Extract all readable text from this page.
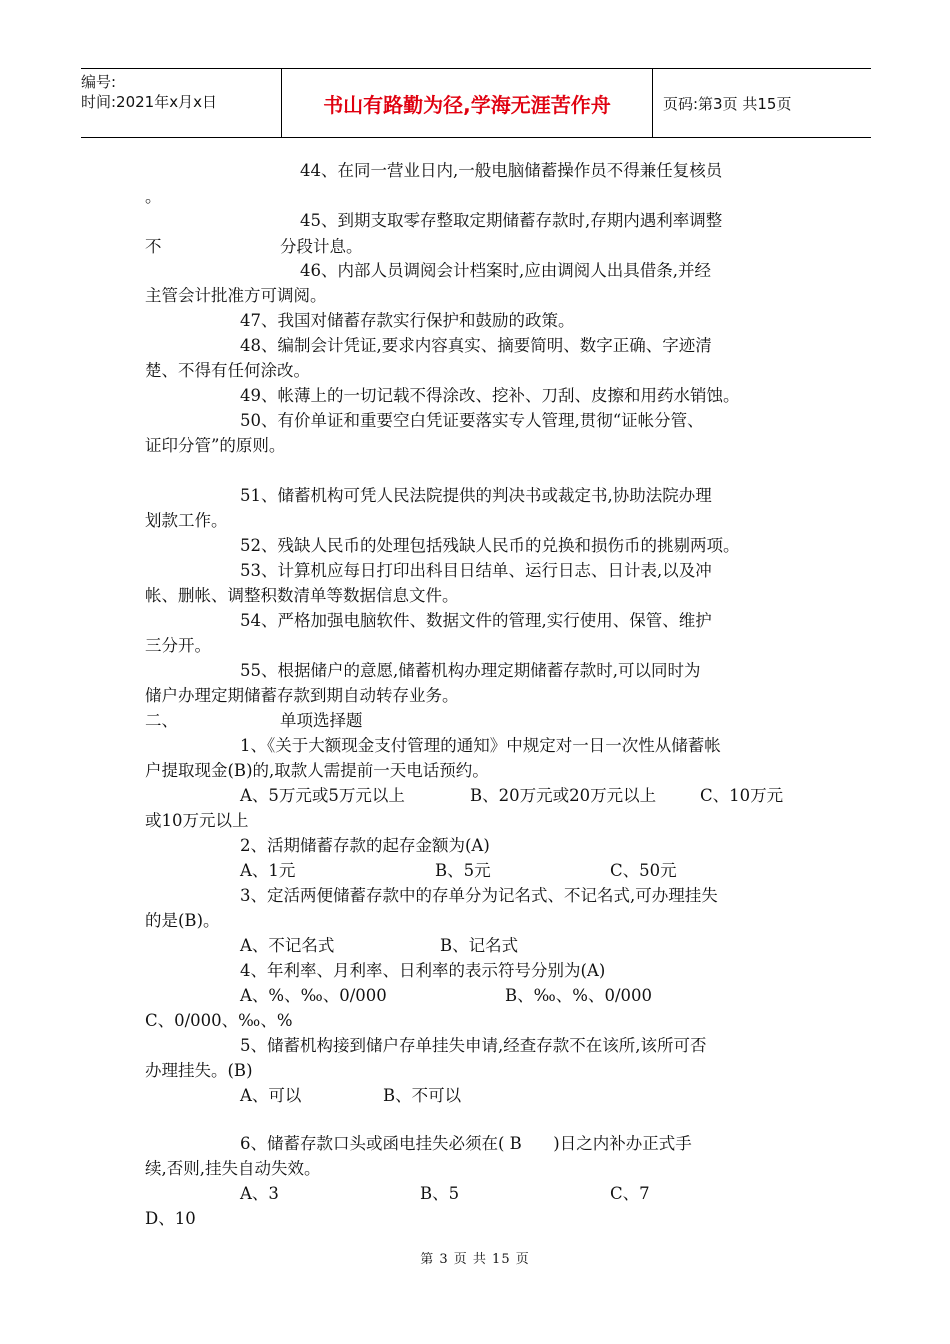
编号:
时间:2021年x月x日	书山有路勤为径,学海无涯苦作舟	页码:第3页 共15页
44、在同一营业日内,一般电脑储蓄操作员不得兼任复核员
。
45、到期支取零存整取定期储蓄存款时,存期内遇利率调整
不	分段计息。
46、内部人员调阅会计档案时,应由调阅人出具借条,并经
主管会计批准方可调阅。
47、我国对储蓄存款实行保护和鼓励的政策。
48、编制会计凭证,要求内容真实、摘要简明、数字正确、字迹清
楚、不得有任何涂改。
49、帐薄上的一切记载不得涂改、挖补、刀刮、皮擦和用药水销蚀。
50、有价单证和重要空白凭证要落实专人管理,贯彻“证帐分管、
证印分管”的原则。
51、储蓄机构可凭人民法院提供的判决书或裁定书,协助法院办理
划款工作。
52、残缺人民币的处理包括残缺人民币的兑换和损伤币的挑剔两项。
53、计算机应每日打印出科目日结单、运行日志、日计表,以及冲
帐、删帐、调整积数清单等数据信息文件。
54、严格加强电脑软件、数据文件的管理,实行使用、保管、维护
三分开。
55、根据储户的意愿,储蓄机构办理定期储蓄存款时,可以同时为
储户办理定期储蓄存款到期自动转存业务。
二、	单项选择题
1、《关于大额现金支付管理的通知》中规定对一日一次性从储蓄帐
户提取现金(B)的,取款人需提前一天电话预约。
A、5万元或5万元以上	B、20万元或20万元以上	C、10万元
或10万元以上
2、活期储蓄存款的起存金额为(A)
A、1元	B、5元	C、50元
3、定活两便储蓄存款中的存单分为记名式、不记名式,可办理挂失
的是(B)。
A、不记名式	B、记名式
4、年利率、月利率、日利率的表示符号分别为(A)
A、%、‰、0/000	B、‰、%、0/000
C、0/000、‰、%
5、储蓄机构接到储户存单挂失申请,经查存款不在该所,该所可否
办理挂失。(B)
A、可以	B、不可以
6、储蓄存款口头或函电挂失必须在( B      )日之内补办正式手
续,否则,挂失自动失效。
A、3	B、5	C、7
D、10
第 3 页 共 15 页
